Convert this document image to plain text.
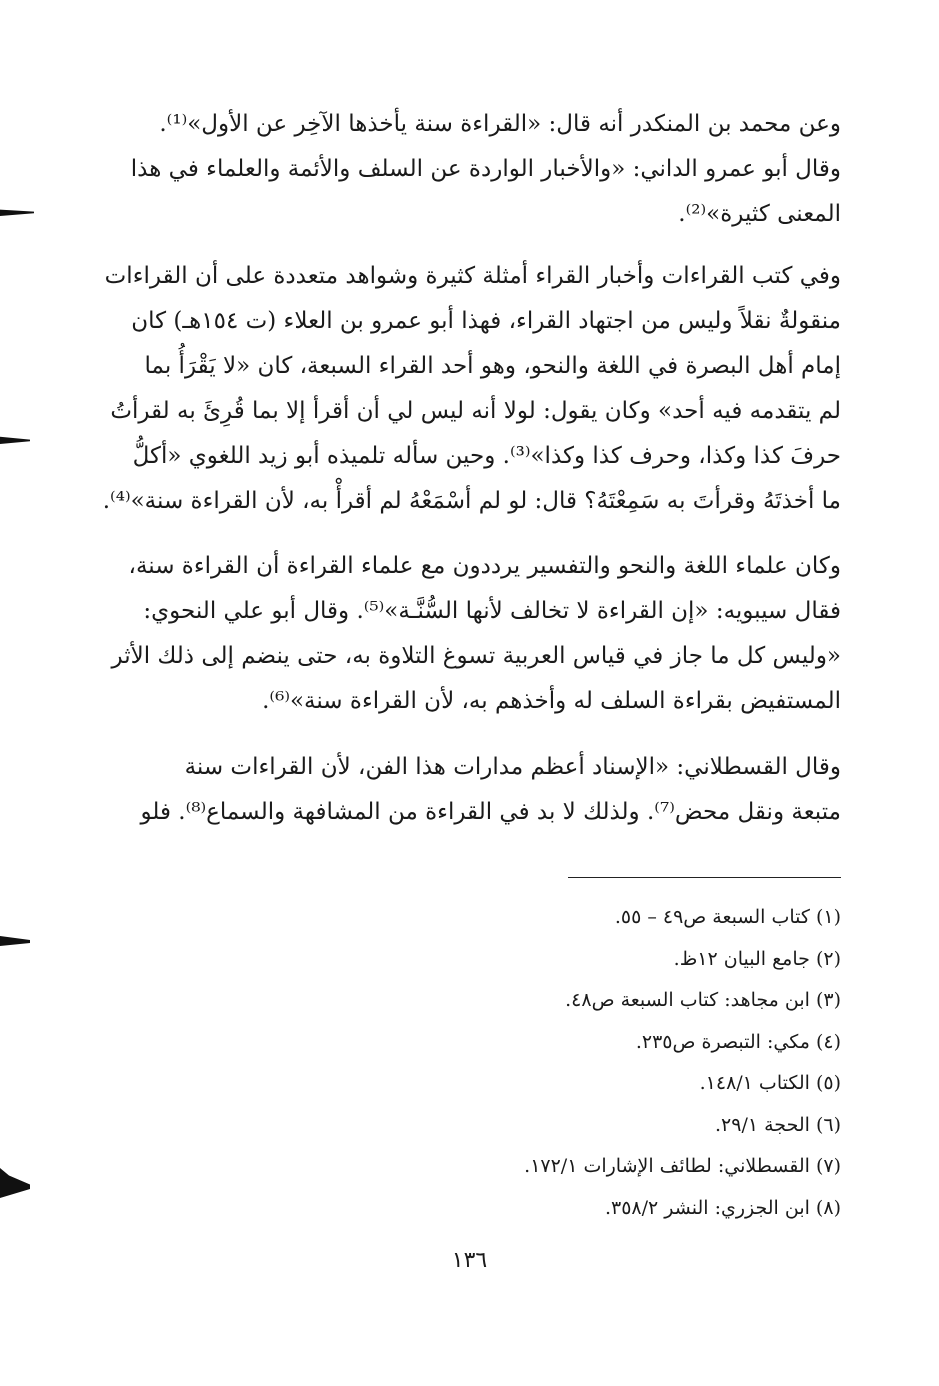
وعن محمد بن المنكدر أنه قال: «القراءة سنة يأخذها الآخِر عن الأول»⁽¹⁾.
وقال أبو عمرو الداني: «والأخبار الواردة عن السلف والأئمة والعلماء في هذا
المعنى كثيرة»⁽²⁾.

وفي كتب القراءات وأخبار القراء أمثلة كثيرة وشواهد متعددة على أن القراءات
منقولةٌ نقلاً وليس من اجتهاد القراء، فهذا أبو عمرو بن العلاء (ت ١٥٤هـ) كان
إمام أهل البصرة في اللغة والنحو، وهو أحد القراء السبعة، كان «لا يَقْرَأُ بما
لم يتقدمه فيه أحد» وكان يقول: لولا أنه ليس لي أن أقرأ إلا بما قُرِئَ به لقرأتُ
حرفَ كذا وكذا، وحرف كذا وكذا»⁽³⁾. وحين سأله تلميذه أبو زيد اللغوي «أكلُّ
ما أخذتَهُ وقرأتَ به سَمِعْتَهُ؟ قال: لو لم أسْمَعْهُ لم أقرأْ به، لأن القراءة سنة»⁽⁴⁾.

وكان علماء اللغة والنحو والتفسير يرددون مع علماء القراءة أن القراءة سنة،
فقال سيبويه: «إن القراءة لا تخالف لأنها السُّنَّـة»⁽⁵⁾. وقال أبو علي النحوي:
«وليس كل ما جاز في قياس العربية تسوغ التلاوة به، حتى ينضم إلى ذلك الأثر
المستفيض بقراءة السلف له وأخذهم به، لأن القراءة سنة»⁽⁶⁾.

وقال القسطلاني: «الإسناد أعظم مدارات هذا الفن، لأن القراءات سنة
متبعة ونقل محض⁽⁷⁾. ولذلك لا بد في القراءة من المشافهة والسماع⁽⁸⁾. فلو

(١) كتاب السبعة ص٤٩ – ٥٥.
(٢) جامع البيان ١٢ظ.
(٣) ابن مجاهد: كتاب السبعة ص٤٨.
(٤) مكي: التبصرة ص٢٣٥.
(٥) الكتاب ١٤٨/١.
(٦) الحجة ٢٩/١.
(٧) القسطلاني: لطائف الإشارات ١٧٢/١.
(٨) ابن الجزري: النشر ٣٥٨/٢.
١٣٦
